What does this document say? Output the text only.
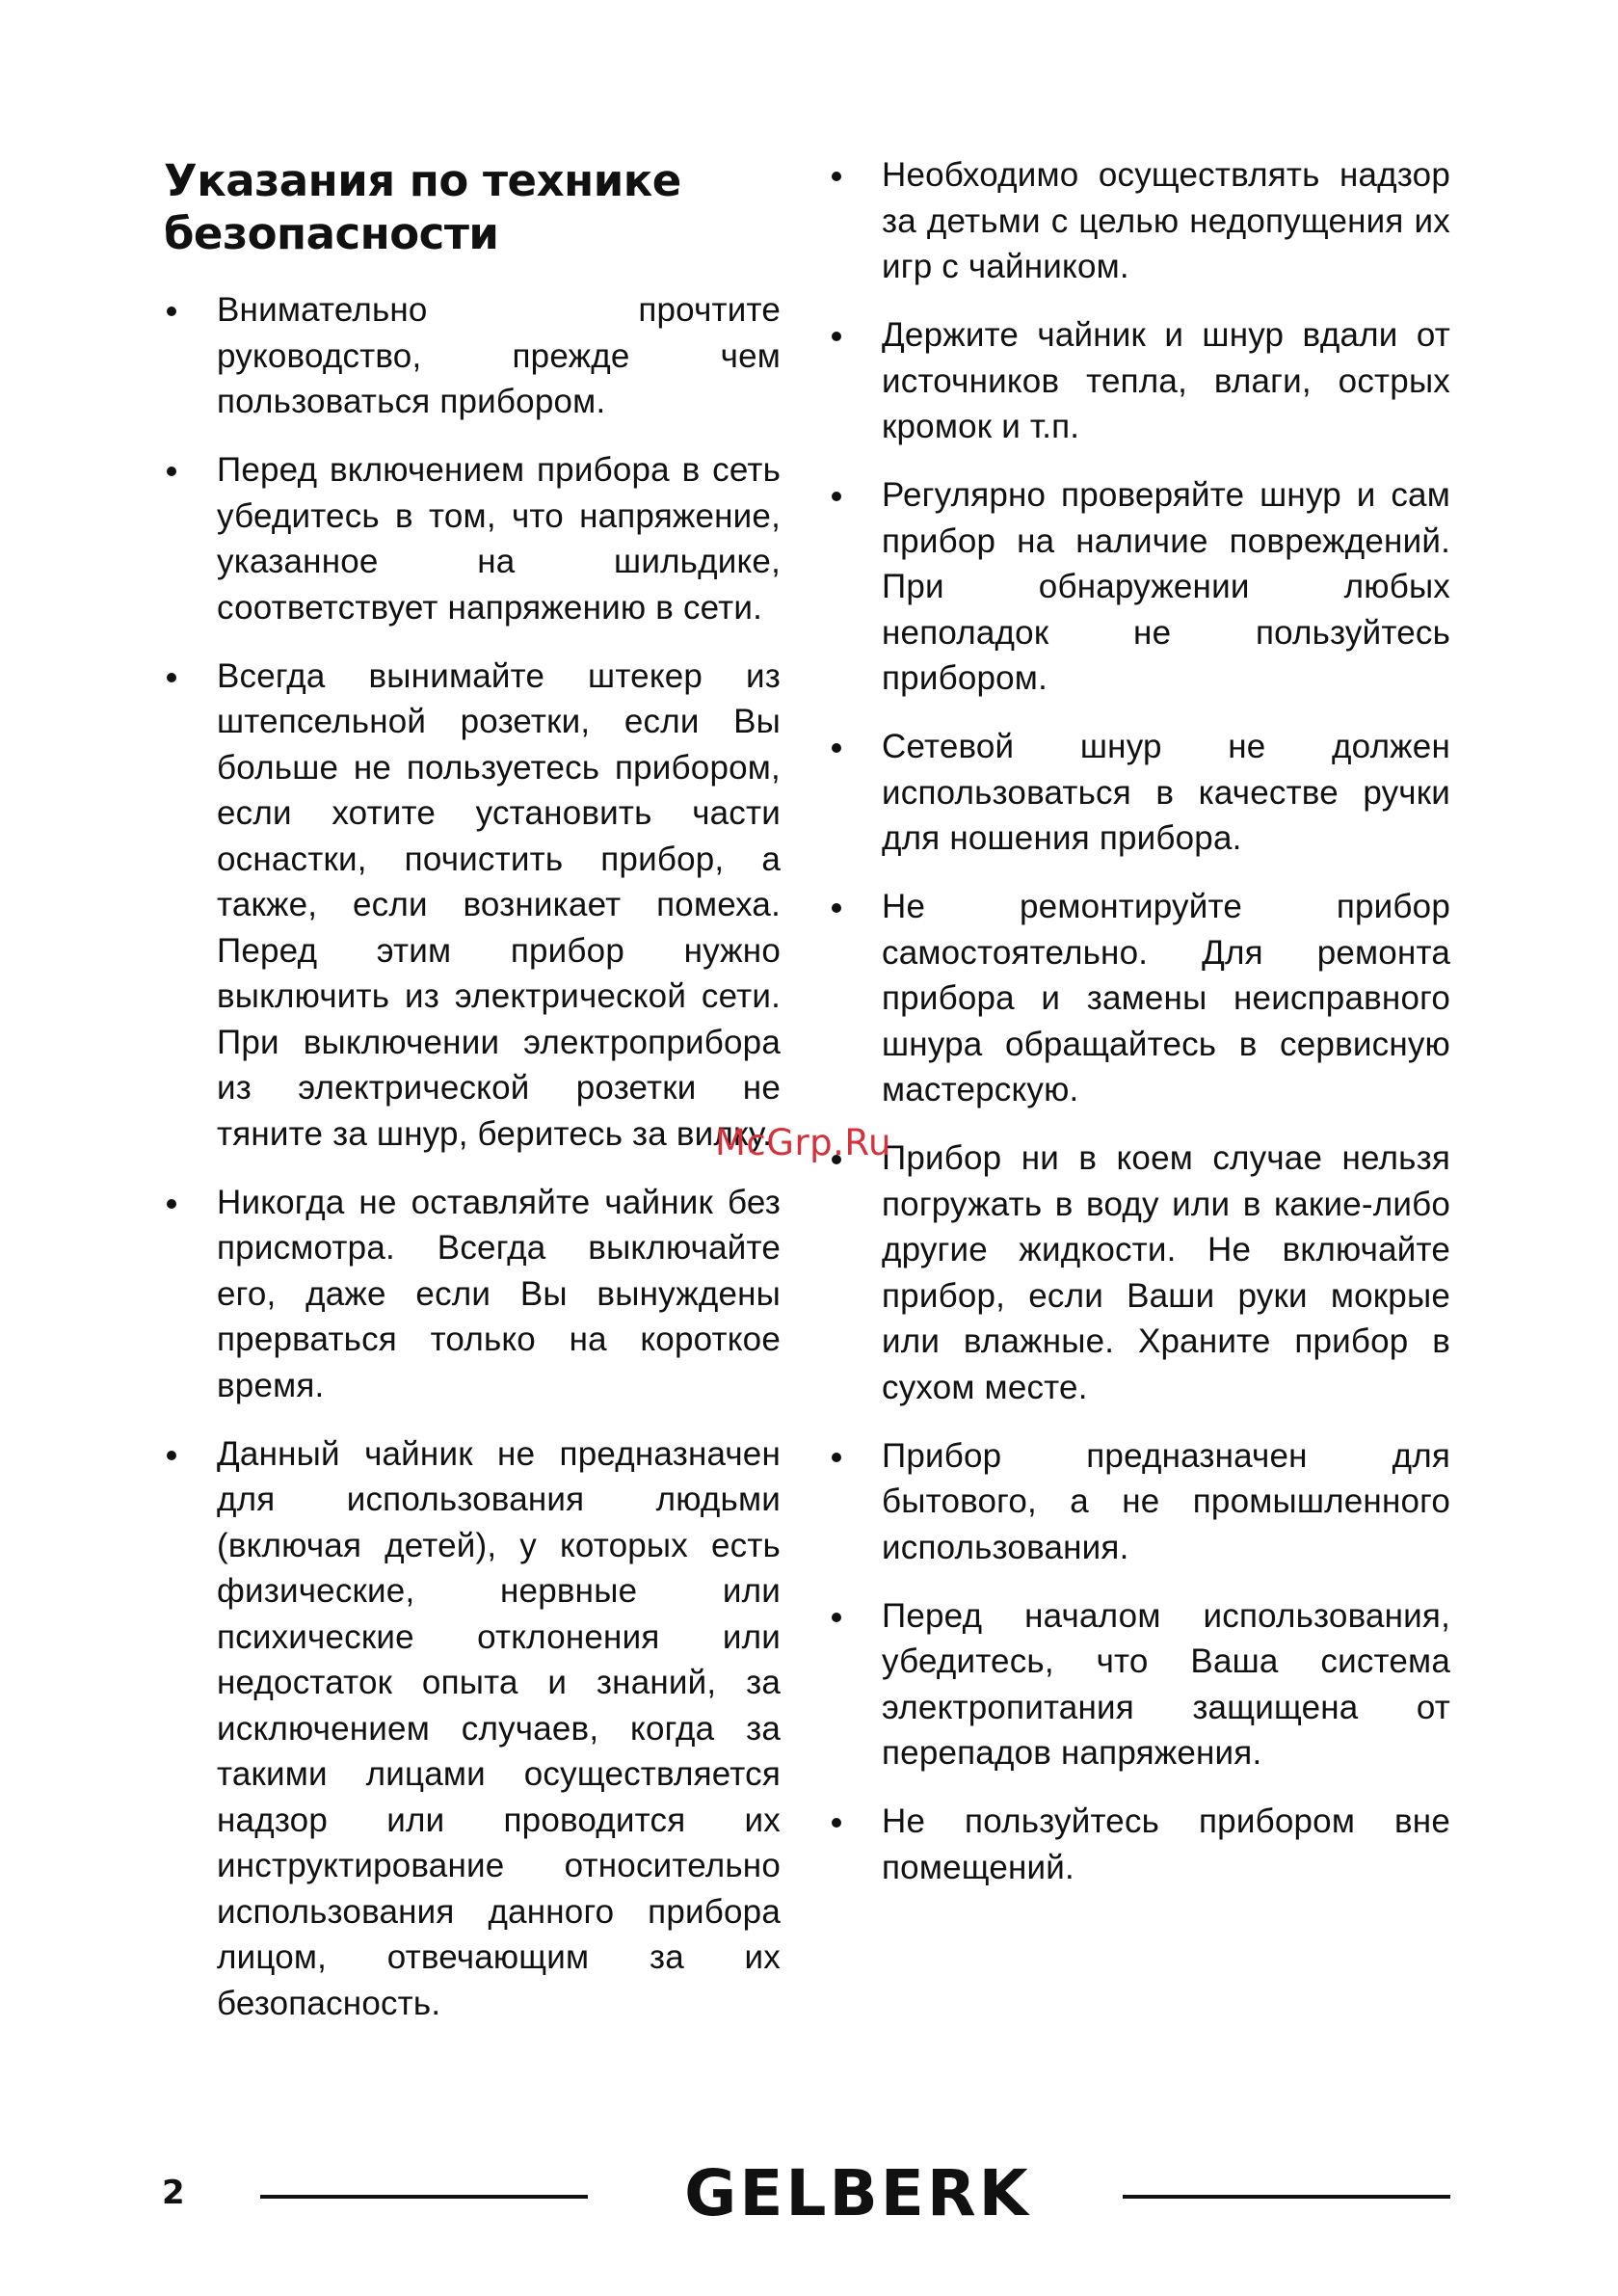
Указания по технике безопасности
Внимательно прочтите руководство, прежде чем пользоваться прибором.
Перед включением прибора в сеть убедитесь в том, что напряжение, указанное на шильдике, соответствует напряжению в сети.
Всегда вынимайте штекер из штепсельной розетки, если Вы больше не пользуетесь прибором, если хотите установить части оснастки, почистить прибор, а также, если возникает помеха. Перед этим прибор нужно выключить из электрической сети. При выключении электроприбора из электрической розетки не тяните за шнур, беритесь за вилку.
Никогда не оставляйте чайник без присмотра. Всегда выключайте его, даже если Вы вынуждены прерваться только на короткое время.
Данный чайник не предназначен для использования людьми (включая детей), у которых есть физические, нервные или психические отклонения или недостаток опыта и знаний, за исключением случаев, когда за такими лицами осуществляется надзор или проводится их инструктирование относительно использования данного прибора лицом, отвечающим за их безопасность.
Необходимо осуществлять надзор за детьми с целью недопущения их игр с чайником.
Держите чайник и шнур вдали от источников тепла, влаги, острых кромок и т.п.
Регулярно проверяйте шнур и сам прибор на наличие повреждений. При обнаружении любых неполадок не пользуйтесь прибором.
Сетевой шнур не должен использоваться в качестве ручки для ношения прибора.
Не ремонтируйте прибор самостоятельно. Для ремонта прибора и замены неисправного шнура обращайтесь в сервисную мастерскую.
Прибор ни в коем случае нельзя погружать в воду или в какие-либо другие жидкости. Не включайте прибор, если Ваши руки мокрые или влажные. Храните прибор в сухом месте.
Прибор предназначен для бытового, а не промышленного использования.
Перед началом использования, убедитесь, что Ваша система электропитания защищена от перепадов напряжения.
Не пользуйтесь прибором вне помещений.
McGrp.Ru
2	GELBERK
